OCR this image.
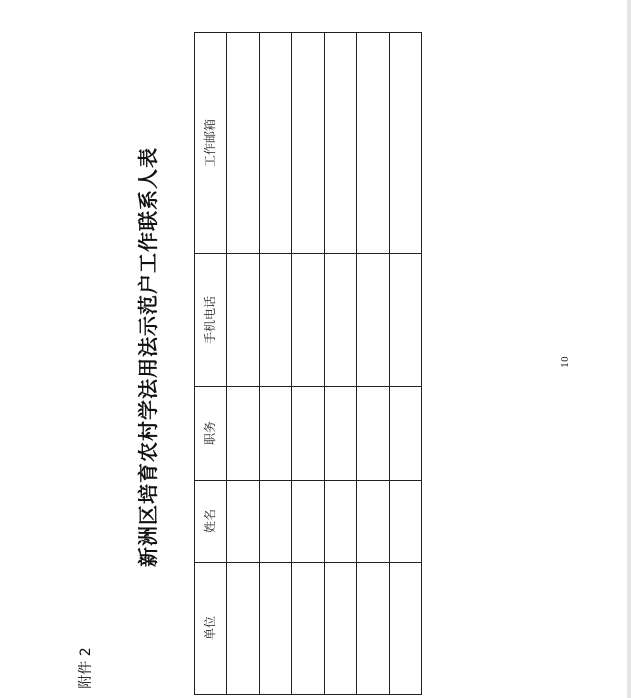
附件 2
新洲区培育农村学法用法示范户工作联系人表	10
单位
姓名
职务
手机电话
工作邮箱
